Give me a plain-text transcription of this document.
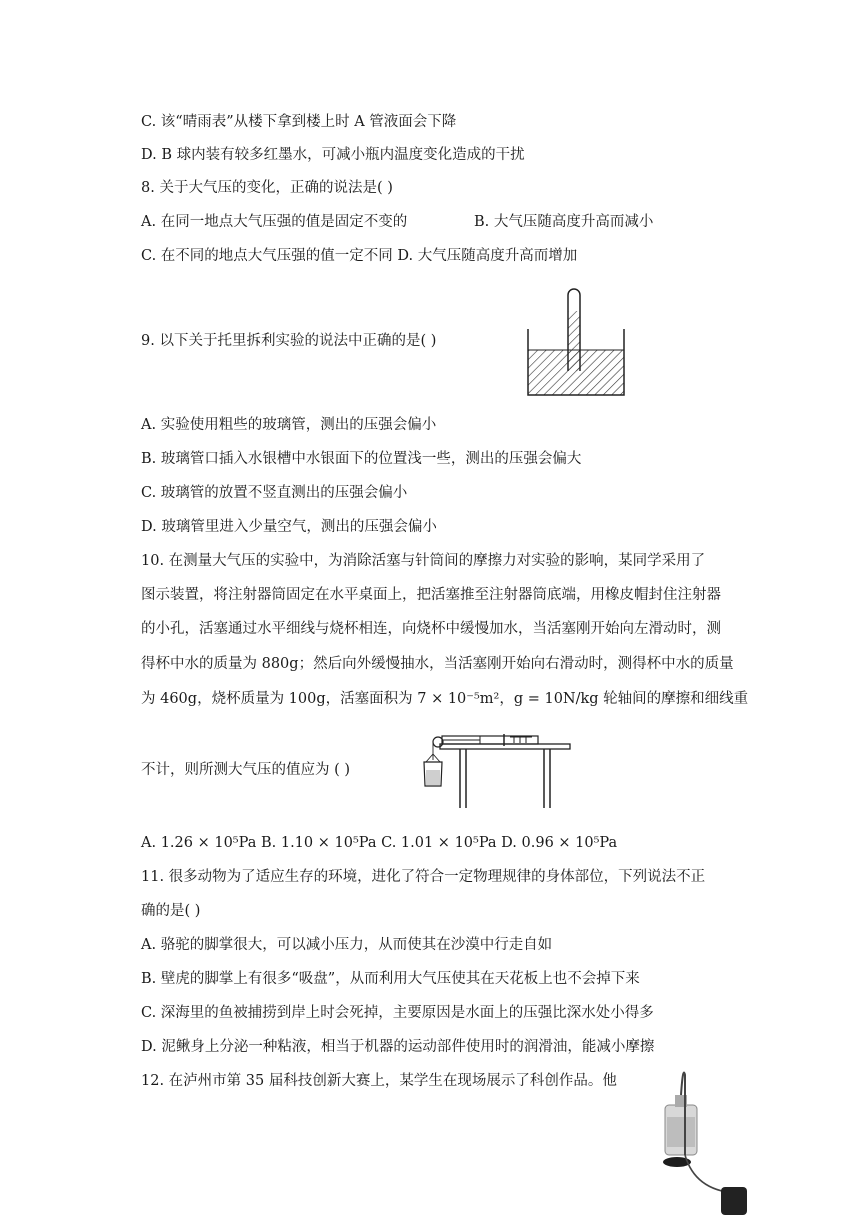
C. 该“晴雨表”从楼下拿到楼上时 A 管液面会下降
D. B 球内装有较多红墨水，可减小瓶内温度变化造成的干扰
8. 关于大气压的变化，正确的说法是( )
A. 在同一地点大气压强的值是固定不变的	B. 大气压随高度升高而减小
C. 在不同的地点大气压强的值一定不同 D. 大气压随高度升高而增加
9. 以下关于托里拆利实验的说法中正确的是( )
A. 实验使用粗些的玻璃管，测出的压强会偏小
B. 玻璃管口插入水银槽中水银面下的位置浅一些，测出的压强会偏大
C. 玻璃管的放置不竖直测出的压强会偏小
D. 玻璃管里进入少量空气，测出的压强会偏小
10. 在测量大气压的实验中，为消除活塞与针筒间的摩擦力对实验的影响，某同学采用了
图示装置，将注射器筒固定在水平桌面上，把活塞推至注射器筒底端，用橡皮帽封住注射器
的小孔，活塞通过水平细线与烧杯相连，向烧杯中缓慢加水，当活塞刚开始向左滑动时，测
得杯中水的质量为 880g；然后向外缓慢抽水，当活塞刚开始向右滑动时，测得杯中水的质量
为 460g，烧杯质量为 100g，活塞面积为 7 × 10⁻⁵m²，g = 10N/kg 轮轴间的摩擦和细线重
不计，则所测大气压的值应为 ( )
A. 1.26 × 10⁵Pa B. 1.10 × 10⁵Pa C. 1.01 × 10⁵Pa D. 0.96 × 10⁵Pa
11. 很多动物为了适应生存的环境，进化了符合一定物理规律的身体部位，下列说法不正
确的是( )
A. 骆驼的脚掌很大，可以减小压力，从而使其在沙漠中行走自如
B. 壁虎的脚掌上有很多“吸盘”，从而利用大气压使其在天花板上也不会掉下来
C. 深海里的鱼被捕捞到岸上时会死掉，主要原因是水面上的压强比深水处小得多
D. 泥鳅身上分泌一种粘液，相当于机器的运动部件使用时的润滑油，能减小摩擦
12. 在泸州市第 35 届科技创新大赛上，某学生在现场展示了科创作品。他
